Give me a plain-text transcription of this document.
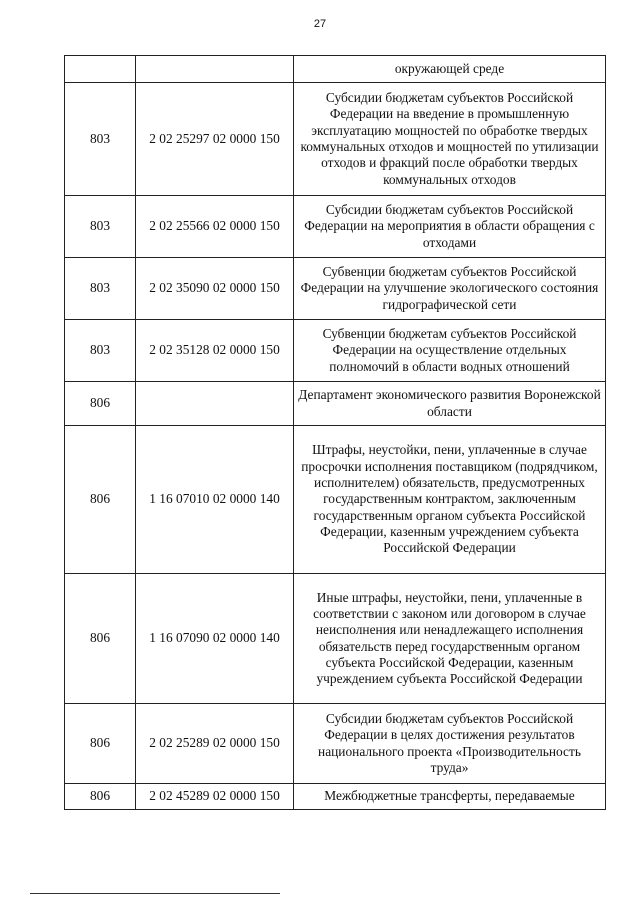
27
		окружающей среде
803	2 02 25297 02 0000 150	Субсидии бюджетам субъектов Российской Федерации на введение в промышленную эксплуатацию мощностей по обработке твердых коммунальных отходов и мощностей по утилизации отходов и фракций после обработки твердых коммунальных отходов
803	2 02 25566 02 0000 150	Субсидии бюджетам субъектов Российской Федерации на мероприятия в области обращения с отходами
803	2 02 35090 02 0000 150	Субвенции бюджетам субъектов Российской Федерации на улучшение экологического состояния гидрографической сети
803	2 02 35128 02 0000 150	Субвенции бюджетам субъектов Российской Федерации на осуществление отдельных полномочий в области водных отношений
806		Департамент экономического развития Воронежской области
806	1 16 07010 02 0000 140	Штрафы, неустойки, пени, уплаченные в случае просрочки исполнения поставщиком (подрядчиком, исполнителем) обязательств, предусмотренных государственным контрактом, заключенным государственным органом субъекта Российской Федерации, казенным учреждением субъекта Российской Федерации
806	1 16 07090 02 0000 140	Иные штрафы, неустойки, пени, уплаченные в соответствии с законом или договором в случае неисполнения или ненадлежащего исполнения обязательств перед государственным органом субъекта Российской Федерации, казенным учреждением субъекта Российской Федерации
806	2 02 25289 02 0000 150	Субсидии бюджетам субъектов Российской Федерации в целях достижения результатов национального проекта «Производительность труда»
806	2 02 45289 02 0000 150	Межбюджетные трансферты, передаваемые
